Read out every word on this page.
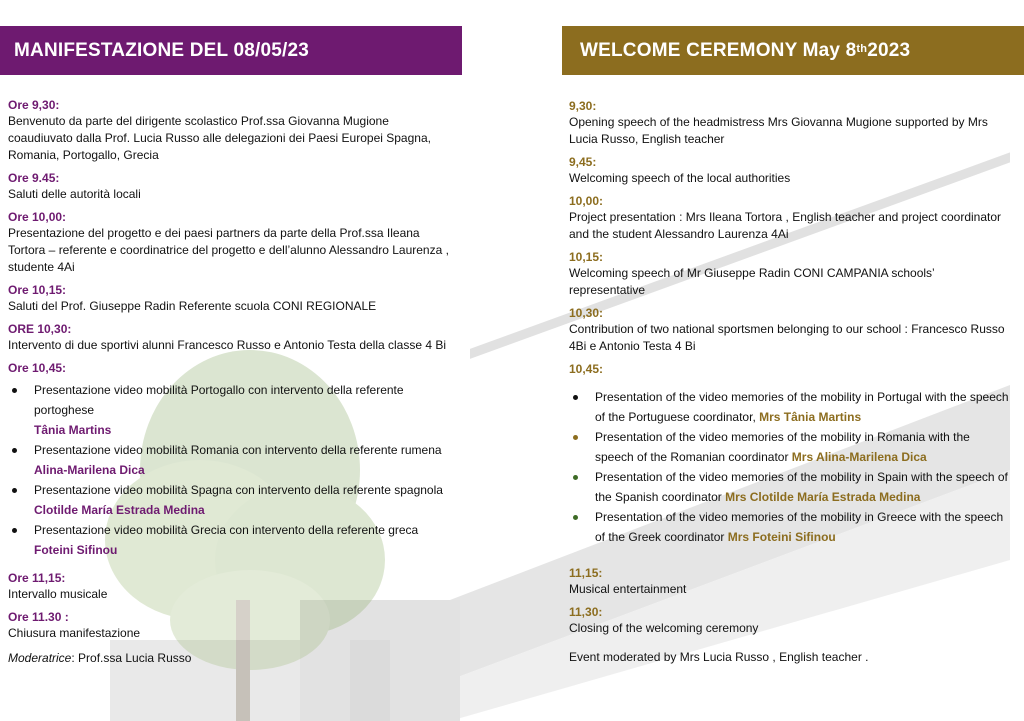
MANIFESTAZIONE DEL 08/05/23
Ore 9,30:
Benvenuto da parte del dirigente scolastico Prof.ssa Giovanna Mugione coaudiuvato dalla Prof. Lucia Russo alle delegazioni dei Paesi Europei Spagna, Romania, Portogallo, Grecia
Ore 9.45:
Saluti delle autorità locali
Ore 10,00:
Presentazione del progetto e dei paesi partners da parte della Prof.ssa Ileana Tortora – referente e coordinatrice del progetto e dell’alunno Alessandro Laurenza , studente 4Ai
Ore 10,15:
Saluti del Prof. Giuseppe Radin Referente scuola CONI REGIONALE
ORE 10,30:
Intervento di due sportivi alunni Francesco Russo e Antonio Testa della classe 4 Bi
Ore 10,45:
Presentazione video mobilità Portogallo con intervento della referente portoghese
Tânia Martins
Presentazione video mobilità Romania con intervento della referente rumena
Alina-Marilena Dica
Presentazione video mobilità Spagna con intervento della referente spagnola
Clotilde María Estrada Medina
Presentazione video mobilità Grecia con intervento della referente greca Foteini Sifinou
Ore 11,15:
Intervallo musicale
Ore 11.30 :
Chiusura manifestazione
Moderatrice: Prof.ssa Lucia Russo
WELCOME CEREMONY May 8th 2023
9,30:
Opening speech of the headmistress Mrs Giovanna Mugione supported by Mrs Lucia Russo, English teacher
9,45:
Welcoming speech of the local authorities
10,00:
Project presentation : Mrs Ileana Tortora , English teacher and project coordinator and the student Alessandro Laurenza 4Ai
10,15:
Welcoming speech of Mr Giuseppe Radin CONI CAMPANIA schools’ representative
10,30:
Contribution of two national sportsmen belonging to our school : Francesco Russo 4Bi e Antonio Testa 4 Bi
10,45:
Presentation of the video memories of the mobility in Portugal with the speech of the Portuguese coordinator, Mrs Tânia Martins
Presentation of the video memories of the mobility in Romania with the speech of the Romanian coordinator Mrs Alina-Marilena Dica
Presentation of the video memories of the mobility in Spain with the speech of the Spanish coordinator Mrs Clotilde María Estrada Medina
Presentation of the video memories of the mobility in Greece with the speech of the Greek coordinator Mrs Foteini Sifinou
11,15:
Musical entertainment
11,30:
Closing of the welcoming ceremony
Event moderated by Mrs Lucia Russo , English teacher .
